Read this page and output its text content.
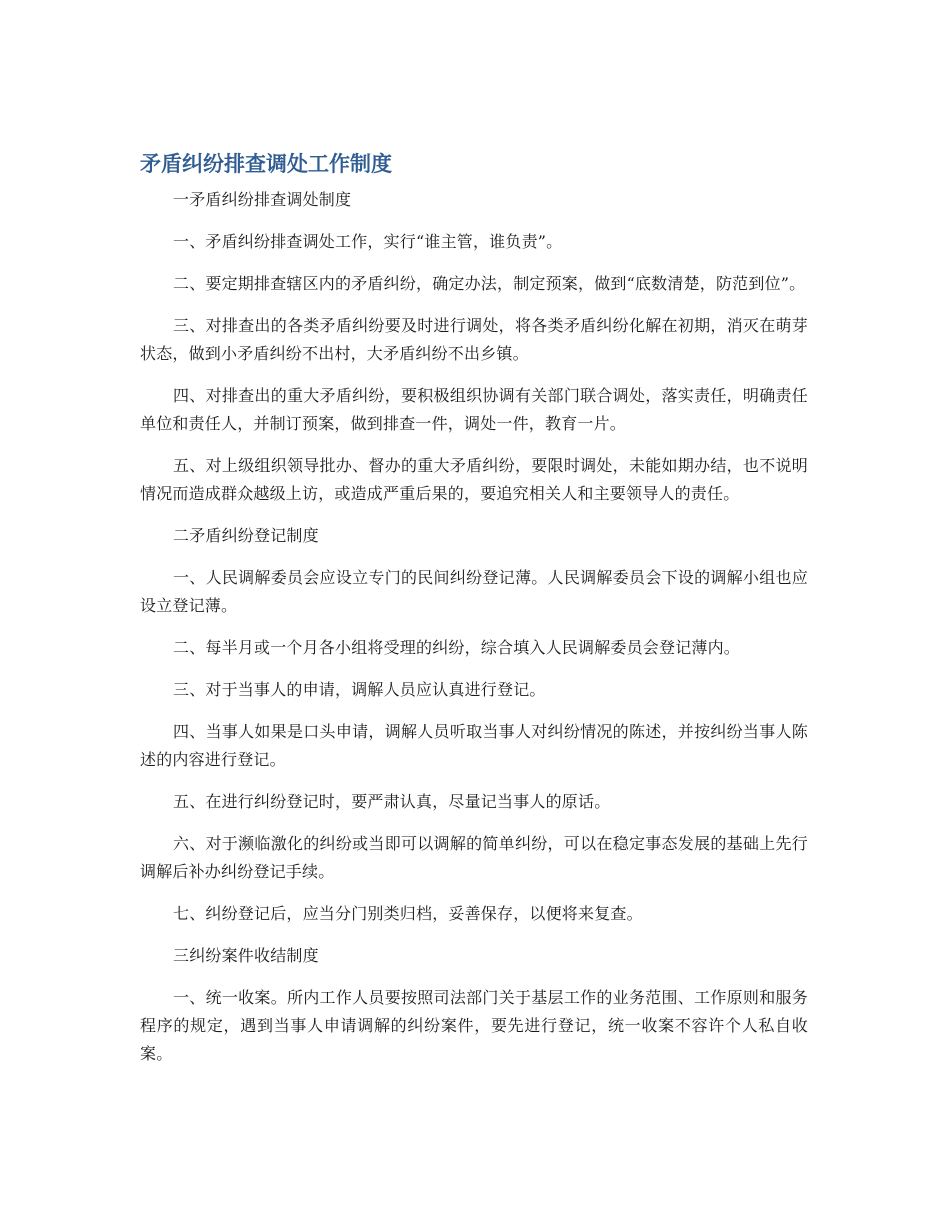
矛盾纠纷排查调处工作制度

一矛盾纠纷排查调处制度

一、矛盾纠纷排查调处工作，实行“谁主管，谁负责”。

二、要定期排查辖区内的矛盾纠纷，确定办法，制定预案，做到“底数清楚，防范到位”。

三、对排查出的各类矛盾纠纷要及时进行调处，将各类矛盾纠纷化解在初期，消灭在萌芽状态，做到小矛盾纠纷不出村，大矛盾纠纷不出乡镇。

四、对排查出的重大矛盾纠纷，要积极组织协调有关部门联合调处，落实责任，明确责任单位和责任人，并制订预案，做到排查一件，调处一件，教育一片。

五、对上级组织领导批办、督办的重大矛盾纠纷，要限时调处，未能如期办结，也不说明情况而造成群众越级上访，或造成严重后果的，要追究相关人和主要领导人的责任。

二矛盾纠纷登记制度

一、人民调解委员会应设立专门的民间纠纷登记薄。人民调解委员会下设的调解小组也应设立登记薄。

二、每半月或一个月各小组将受理的纠纷，综合填入人民调解委员会登记薄内。

三、对于当事人的申请，调解人员应认真进行登记。

四、当事人如果是口头申请，调解人员听取当事人对纠纷情况的陈述，并按纠纷当事人陈述的内容进行登记。

五、在进行纠纷登记时，要严肃认真，尽量记当事人的原话。

六、对于濒临激化的纠纷或当即可以调解的简单纠纷，可以在稳定事态发展的基础上先行调解后补办纠纷登记手续。

七、纠纷登记后，应当分门别类归档，妥善保存，以便将来复查。

三纠纷案件收结制度

一、统一收案。所内工作人员要按照司法部门关于基层工作的业务范围、工作原则和服务程序的规定，遇到当事人申请调解的纠纷案件，要先进行登记，统一收案不容许个人私自收案。
